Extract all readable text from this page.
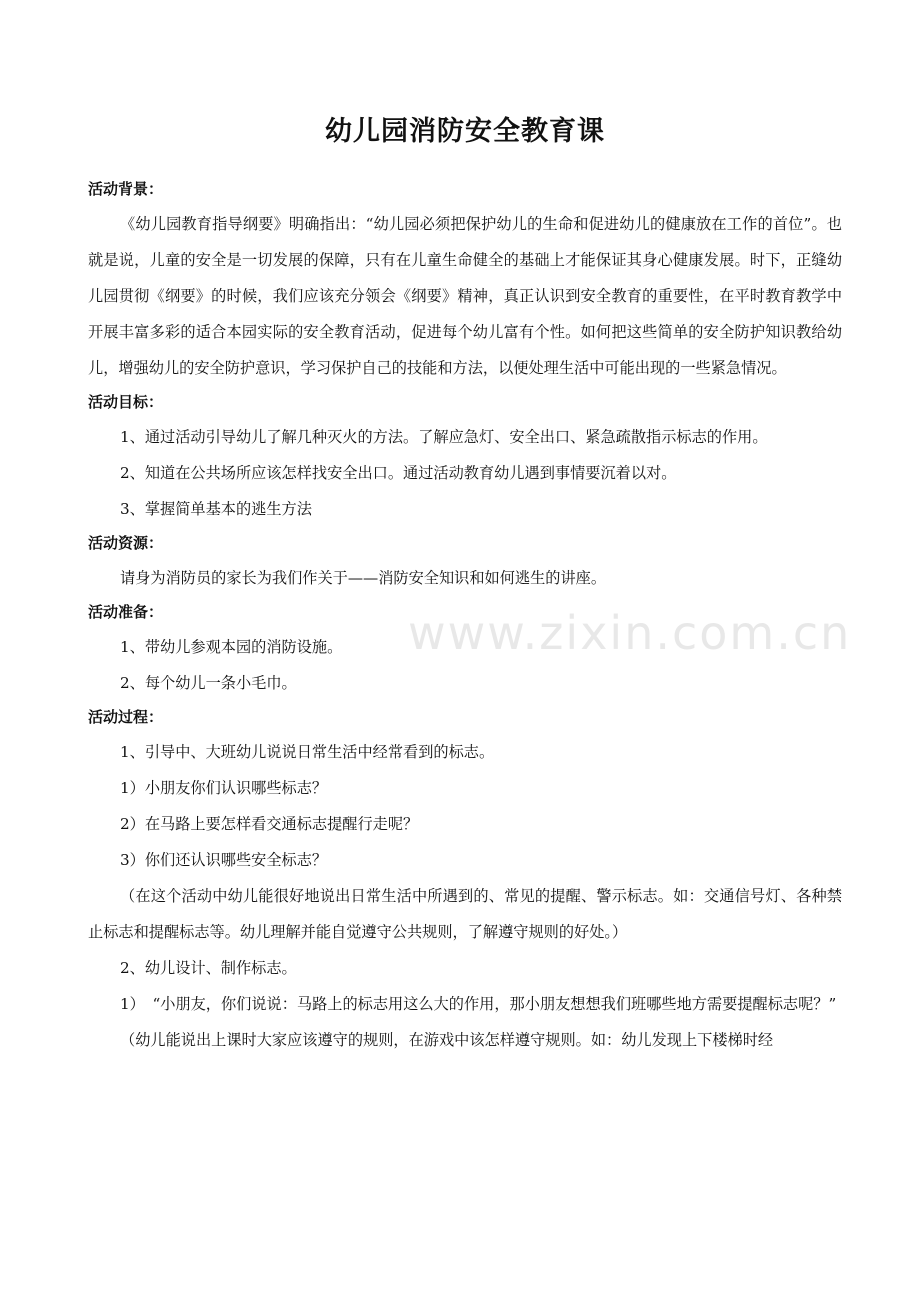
www.zixin.com.cn
幼儿园消防安全教育课
活动背景：

《幼儿园教育指导纲要》明确指出：“幼儿园必须把保护幼儿的生命和促进幼儿的健康放在工作的首位”。也就是说，儿童的安全是一切发展的保障，只有在儿童生命健全的基础上才能保证其身心健康发展。时下，正缝幼儿园贯彻《纲要》的时候，我们应该充分领会《纲要》精神，真正认识到安全教育的重要性，在平时教育教学中开展丰富多彩的适合本园实际的安全教育活动，促进每个幼儿富有个性。如何把这些简单的安全防护知识教给幼儿，增强幼儿的安全防护意识，学习保护自己的技能和方法，以便处理生活中可能出现的一些紧急情况。

活动目标：

1、通过活动引导幼儿了解几种灭火的方法。了解应急灯、安全出口、紧急疏散指示标志的作用。

2、知道在公共场所应该怎样找安全出口。通过活动教育幼儿遇到事情要沉着以对。

3、掌握简单基本的逃生方法

活动资源：

请身为消防员的家长为我们作关于——消防安全知识和如何逃生的讲座。

活动准备：

1、带幼儿参观本园的消防设施。

2、每个幼儿一条小毛巾。

活动过程：

1、引导中、大班幼儿说说日常生活中经常看到的标志。

1）小朋友你们认识哪些标志？

2）在马路上要怎样看交通标志提醒行走呢？

3）你们还认识哪些安全标志？

（在这个活动中幼儿能很好地说出日常生活中所遇到的、常见的提醒、警示标志。如：交通信号灯、各种禁止标志和提醒标志等。幼儿理解并能自觉遵守公共规则，了解遵守规则的好处。）

2、幼儿设计、制作标志。

1）　“小朋友，你们说说：马路上的标志用这么大的作用，那小朋友想想我们班哪些地方需要提醒标志呢？”

（幼儿能说出上课时大家应该遵守的规则，在游戏中该怎样遵守规则。如：幼儿发现上下楼梯时经
